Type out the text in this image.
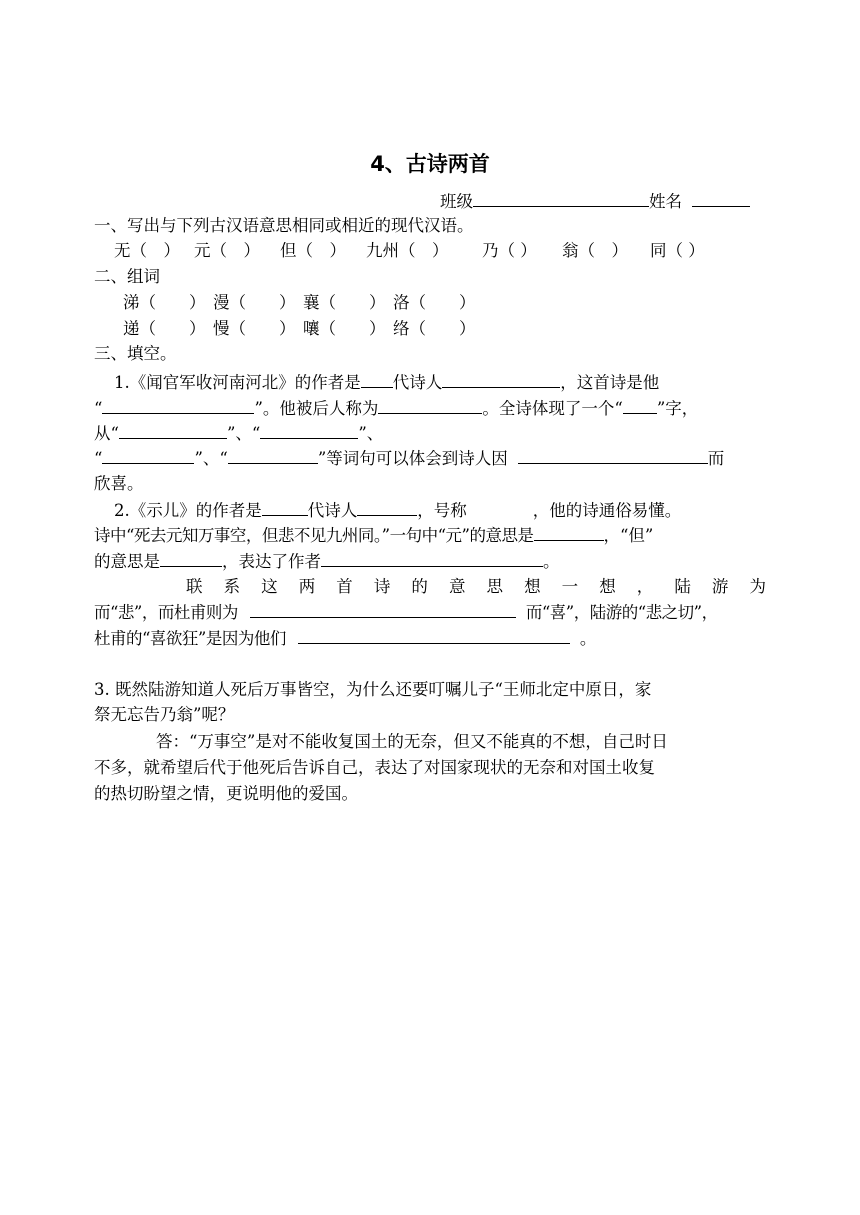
4、古诗两首
班级	姓名
一、写出与下列古汉语意思相同或相近的现代汉语。
无（　） 元（　） 但（　） 九州（　） 乃（ ） 翁（　） 同（ ）
二、组词
涕（　　） 漫（　　） 襄（　　） 洛（　　）
递（　　） 慢（　　） 嚷（　　） 络（　　）
三、填空。
1.《闻官军收河南河北》的作者是 代诗人	，这首诗是他
“	”。他被后人称为	。全诗体现了一个“ ”字，
从“	”、“	”、
“	”、“	”等词句可以体会到诗人因	而
欣喜。
2.《示儿》的作者是	代诗人	，号称	，他的诗通俗易懂。
诗中“死去元知万事空，但悲不见九州同。”一句中“元”的意思是	，“但”
的意思是	，表达了作者	。
联 系 这 两 首 诗 的 意 思 想 一 想 ， 陆 游 为
而“悲”，而杜甫则为	而“喜”，陆游的“悲之切”，
杜甫的“喜欲狂”是因为他们	。
3. 既然陆游知道人死后万事皆空，为什么还要叮嘱儿子“王师北定中原日，家
祭无忘告乃翁”呢？
答：“万事空”是对不能收复国土的无奈，但又不能真的不想，自己时日
不多，就希望后代于他死后告诉自己，表达了对国家现状的无奈和对国土收复
的热切盼望之情，更说明他的爱国。
